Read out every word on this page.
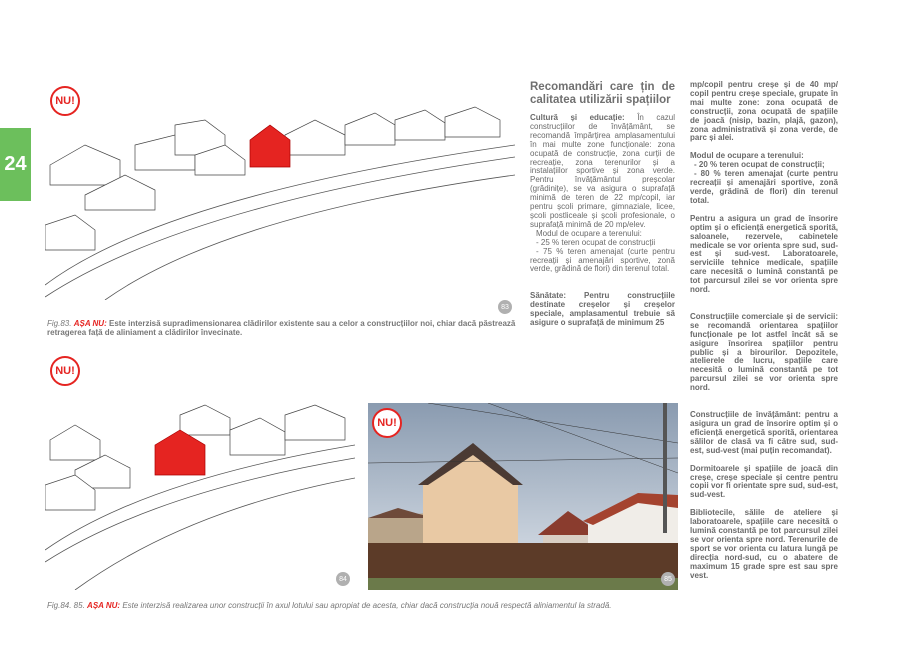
24
NU!
83
Fig.83. AȘA NU: Este interzisă supradimensionarea clădirilor existente sau a celor a construcțiilor noi, chiar dacă păstrează retragerea față de aliniament a clădirilor învecinate.
NU!
84
NU!
85
Fig.84. 85. AȘA NU: Este interzisă realizarea unor construcții în axul lotului sau apropiat de acesta, chiar dacă construcția nouă respectă aliniamentul la stradă.
Recomandări care țin de calitatea utilizării spațiilor
Cultură și educație: În cazul construcțiilor de învățământ, se recomandă împărțirea amplasamentului în mai multe zone funcționale: zona ocupată de construcție, zona curții de recreație, zona terenurilor și a instalațiilor sportive și zona verde. Pentru învățământul preșcolar (grădinițe), se va asigura o suprafață minimă de teren de 22 mp/copil, iar pentru școli primare, gimnaziale, licee, școli postliceale și școli profesionale, o suprafață minimă de 20 mp/elev.
Modul de ocupare a terenului:
- 25 % teren ocupat de construcții
- 75 % teren amenajat (curte pentru recreații și amenajări sportive, zonă verde, grădină de flori) din terenul total.
Sănătate: Pentru construcțiile destinate creșelor și creșelor speciale, amplasamentul trebuie să asigure o suprafață de minimum 25

mp/copil pentru creșe și de 40 mp/ copil pentru creșe speciale, grupate în mai multe zone: zona ocupată de construcții, zona ocupată de spațiile de joacă (nisip, bazin, plajă, gazon), zona administrativă și zona verde, de parc și alei.

Modul de ocupare a terenului:
- 20 % teren ocupat de construcții;

- 80 % teren amenajat (curte pentru recreații și amenajări sportive, zonă verde, grădină de flori) din terenul total.

Pentru a asigura un grad de însorire optim și o eficiență energetică sporită, saloanele, rezervele, cabinetele medicale se vor orienta spre sud, sud-est și sud-vest. Laboratoarele, serviciile tehnice medicale, spațiile care necesită o lumină constantă pe tot parcursul zilei se vor orienta spre nord.

Construcțiile comerciale și de servicii: se recomandă orientarea spațiilor funcționale pe lot astfel încât să se asigure însorirea spațiilor pentru public și a birourilor. Depozitele, atelierele de lucru, spațiile care necesită o lumină constantă pe tot parcursul zilei se vor orienta spre nord.

Construcțiile de învățământ: pentru a asigura un grad de însorire optim și o eficiență energetică sporită, orientarea sălilor de clasă va fi către sud, sud-est, sud-vest (mai puțin recomandat).

Dormitoarele și spațiile de joacă din creșe, creșe speciale și centre pentru copii vor fi orientate spre sud, sud-est, sud-vest.

Bibliotecile, sălile de ateliere și laboratoarele, spațiile care necesită o lumină constantă pe tot parcursul zilei se vor orienta spre nord. Terenurile de sport se vor orienta cu latura lungă pe direcția nord-sud, cu o abatere de maximum 15 grade spre est sau spre vest.
